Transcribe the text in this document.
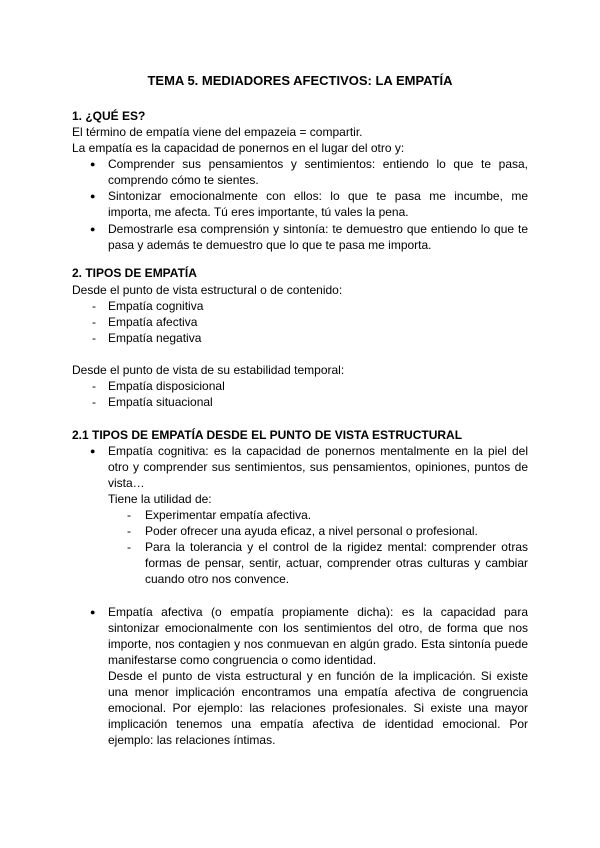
TEMA 5. MEDIADORES AFECTIVOS: LA EMPATÍA
1. ¿QUÉ ES?
El término de empatía viene del empazeia = compartir.
La empatía es la capacidad de ponernos en el lugar del otro y:
● Comprender sus pensamientos y sentimientos: entiendo lo que te pasa,
comprendo cómo te sientes.
● Sintonizar emocionalmente con ellos: lo que te pasa me incumbe, me
importa, me afecta. Tú eres importante, tú vales la pena.
● Demostrarle esa comprensión y sintonía: te demuestro que entiendo lo que te
pasa y además te demuestro que lo que te pasa me importa.
2. TIPOS DE EMPATÍA
Desde el punto de vista estructural o de contenido:
- Empatía cognitiva
- Empatía afectiva
- Empatía negativa
Desde el punto de vista de su estabilidad temporal:
- Empatía disposicional
- Empatía situacional
2.1 TIPOS DE EMPATÍA DESDE EL PUNTO DE VISTA ESTRUCTURAL
● Empatía cognitiva: es la capacidad de ponernos mentalmente en la piel del
otro y comprender sus sentimientos, sus pensamientos, opiniones, puntos de
vista…
Tiene la utilidad de:
- Experimentar empatía afectiva.
- Poder ofrecer una ayuda eficaz, a nivel personal o profesional.
- Para la tolerancia y el control de la rigidez mental: comprender otras
formas de pensar, sentir, actuar, comprender otras culturas y cambiar
cuando otro nos convence.
● Empatía afectiva (o empatía propiamente dicha): es la capacidad para
sintonizar emocionalmente con los sentimientos del otro, de forma que nos
importe, nos contagien y nos conmuevan en algún grado. Esta sintonía puede
manifestarse como congruencia o como identidad.
Desde el punto de vista estructural y en función de la implicación. Si existe
una menor implicación encontramos una empatía afectiva de congruencia
emocional. Por ejemplo: las relaciones profesionales. Si existe una mayor
implicación tenemos una empatía afectiva de identidad emocional. Por
ejemplo: las relaciones íntimas.
